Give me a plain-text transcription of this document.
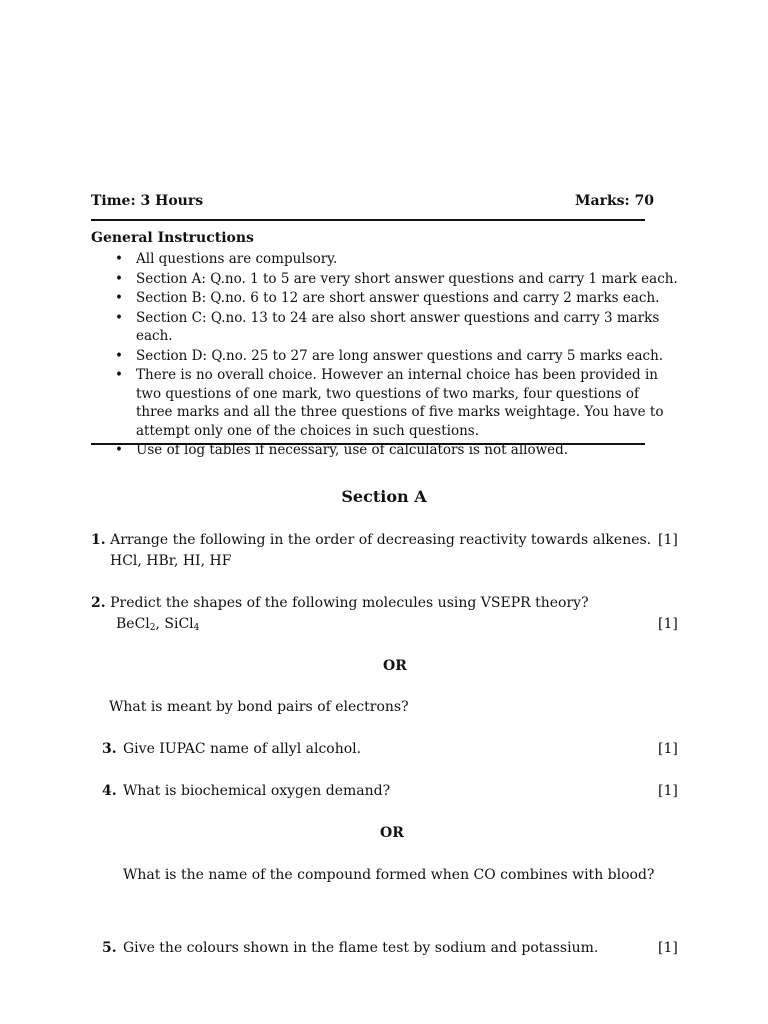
Time: 3 Hours	Marks: 70
General Instructions
• All questions are compulsory.
• Section A: Q.no. 1 to 5 are very short answer questions and carry 1 mark each.
• Section B: Q.no. 6 to 12 are short answer questions and carry 2 marks each.
• Section C: Q.no. 13 to 24 are also short answer questions and carry 3 marks each.
• Section D: Q.no. 25 to 27 are long answer questions and carry 5 marks each.
• There is no overall choice. However an internal choice has been provided in two questions of one mark, two questions of two marks, four questions of three marks and all the three questions of five marks weightage. You have to attempt only one of the choices in such questions.
• Use of log tables if necessary, use of calculators is not allowed.
Section A
1. Arrange the following in the order of decreasing reactivity towards alkenes. [1]
HCl, HBr, HI, HF
2. Predict the shapes of the following molecules using VSEPR theory?
BeCl$_2$, SiCl$_4$	[1]
OR
What is meant by bond pairs of electrons?
3. Give IUPAC name of allyl alcohol.	[1]
4. What is biochemical oxygen demand?	[1]
OR
What is the name of the compound formed when CO combines with blood?
5. Give the colours shown in the flame test by sodium and potassium.	[1]
